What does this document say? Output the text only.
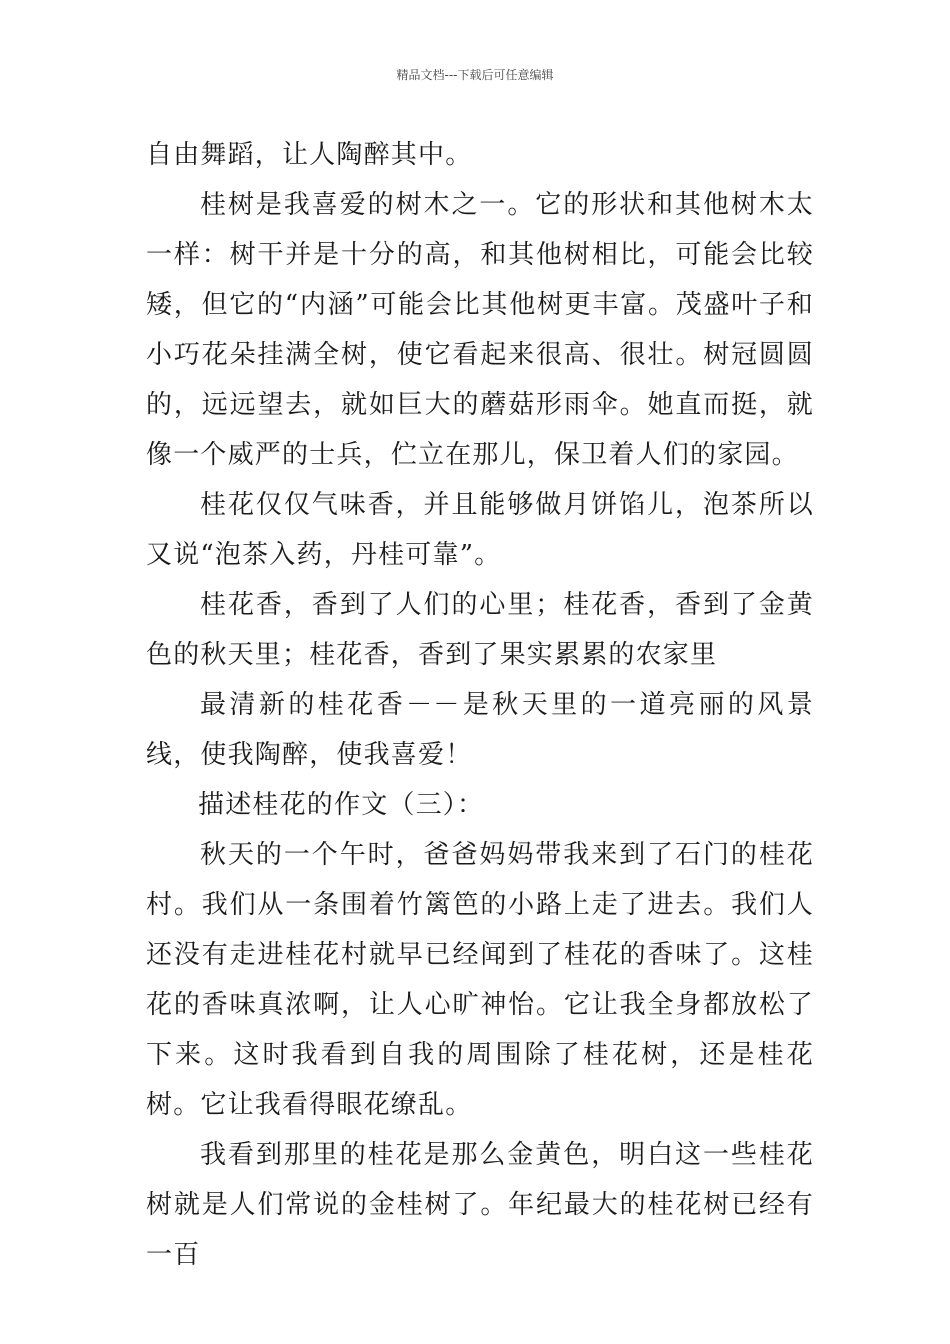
精品文档---下载后可任意编辑

自由舞蹈，让人陶醉其中。

桂树是我喜爱的树木之一。它的形状和其他树木太一样：树干并是十分的高，和其他树相比，可能会比较矮，但它的“内涵”可能会比其他树更丰富。茂盛叶子和小巧花朵挂满全树，使它看起来很高、很壮。树冠圆圆的，远远望去，就如巨大的蘑菇形雨伞。她直而挺，就像一个威严的士兵，伫立在那儿，保卫着人们的家园。

桂花仅仅气味香，并且能够做月饼馅儿，泡茶所以又说“泡茶入药，丹桂可靠”。

桂花香，香到了人们的心里；桂花香，香到了金黄色的秋天里；桂花香，香到了果实累累的农家里

最清新的桂花香－－是秋天里的一道亮丽的风景线，使我陶醉，使我喜爱！

描述桂花的作文（三）：

秋天的一个午时，爸爸妈妈带我来到了石门的桂花村。我们从一条围着竹篱笆的小路上走了进去。我们人还没有走进桂花村就早已经闻到了桂花的香味了。这桂花的香味真浓啊，让人心旷神怡。它让我全身都放松了下来。这时我看到自我的周围除了桂花树，还是桂花树。它让我看得眼花缭乱。

我看到那里的桂花是那么金黄色，明白这一些桂花树就是人们常说的金桂树了。年纪最大的桂花树已经有一百
